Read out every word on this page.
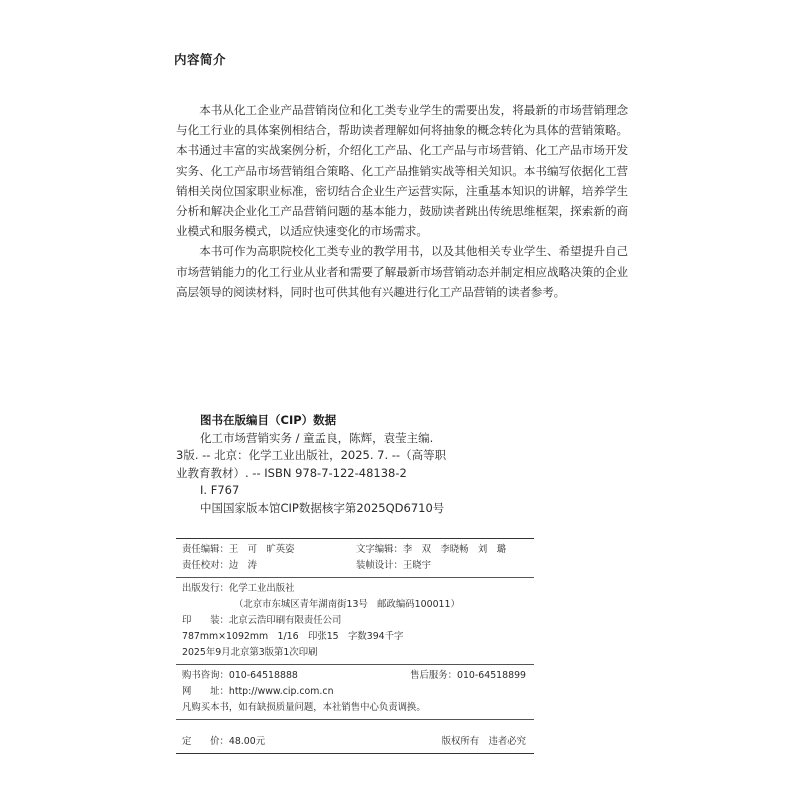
内容简介

本书从化工企业产品营销岗位和化工类专业学生的需要出发，将最新的市场营销理念与化工行业的具体案例相结合，帮助读者理解如何将抽象的概念转化为具体的营销策略。本书通过丰富的实战案例分析，介绍化工产品、化工产品与市场营销、化工产品市场开发实务、化工产品市场营销组合策略、化工产品推销实战等相关知识。本书编写依据化工营销相关岗位国家职业标准，密切结合企业生产运营实际，注重基本知识的讲解，培养学生分析和解决企业化工产品营销问题的基本能力，鼓励读者跳出传统思维框架，探索新的商业模式和服务模式，以适应快速变化的市场需求。

本书可作为高职院校化工类专业的教学用书，以及其他相关专业学生、希望提升自己市场营销能力的化工行业从业者和需要了解最新市场营销动态并制定相应战略决策的企业高层领导的阅读材料，同时也可供其他有兴趣进行化工产品营销的读者参考。

图书在版编目（CIP）数据
化工市场营销实务 / 童孟良，陈辉，袁莹主编.
3版. -- 北京：化学工业出版社，2025. 7. --（高等职
业教育教材）. -- ISBN 978-7-122-48138-2
Ⅰ. F767
中国国家版本馆CIP数据核字第2025QD6710号
责任编辑：王　可　旷英姿	文字编辑：李　双　李晓畅　刘　璐
责任校对：边　涛	装帧设计：王晓宇
出版发行：化学工业出版社
（北京市东城区青年湖南街13号　邮政编码100011）
印　　装：北京云浩印刷有限责任公司
787mm×1092mm　1/16　印张15　字数394千字
2025年9月北京第3版第1次印刷
购书咨询：010-64518888	售后服务：010-64518899
网　　址：http://www.cip.com.cn
凡购买本书，如有缺损质量问题，本社销售中心负责调换。
定　　价：48.00元	版权所有　违者必究
